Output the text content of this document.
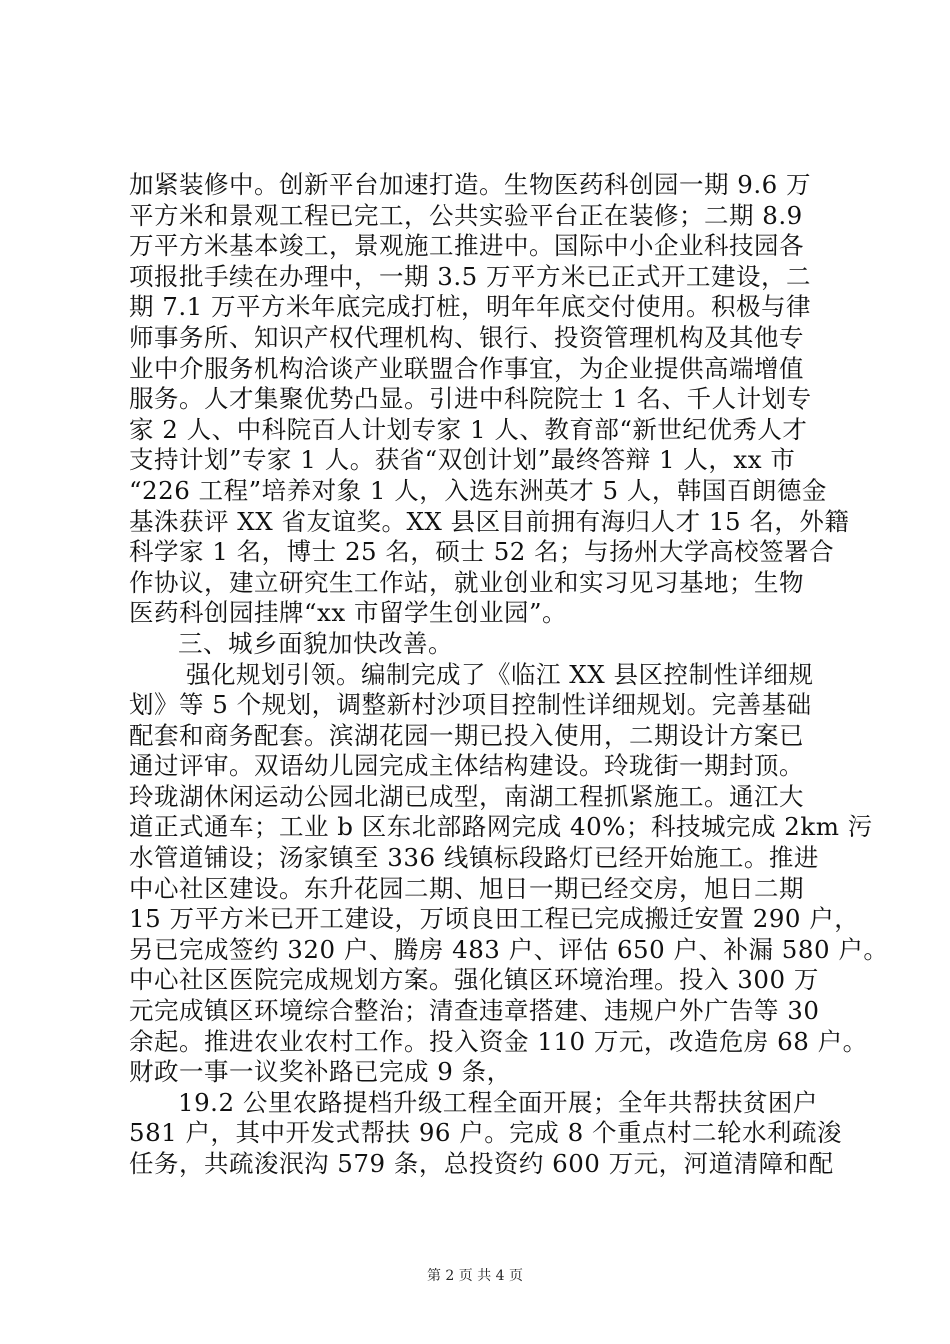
加紧装修中。创新平台加速打造。生物医药科创园一期 9.6 万
平方米和景观工程已完工，公共实验平台正在装修；二期 8.9
万平方米基本竣工，景观施工推进中。国际中小企业科技园各
项报批手续在办理中，一期 3.5 万平方米已正式开工建设，二
期 7.1 万平方米年底完成打桩，明年年底交付使用。积极与律
师事务所、知识产权代理机构、银行、投资管理机构及其他专
业中介服务机构洽谈产业联盟合作事宜，为企业提供高端增值
服务。人才集聚优势凸显。引进中科院院士 1 名、千人计划专
家 2 人、中科院百人计划专家 1 人、教育部“新世纪优秀人才
支持计划”专家 1 人。获省“双创计划”最终答辩 1 人，xx 市
“226 工程”培养对象 1 人，入选东洲英才 5 人，韩国百朗德金
基洙获评 XX 省友谊奖。XX 县区目前拥有海归人才 15 名，外籍
科学家 1 名，博士 25 名，硕士 52 名；与扬州大学高校签署合
作协议，建立研究生工作站，就业创业和实习见习基地；生物
医药科创园挂牌“xx 市留学生创业园”。
三、城乡面貌加快改善。
强化规划引领。编制完成了《临江 XX 县区控制性详细规
划》等 5 个规划，调整新村沙项目控制性详细规划。完善基础
配套和商务配套。滨湖花园一期已投入使用，二期设计方案已
通过评审。双语幼儿园完成主体结构建设。玲珑街一期封顶。
玲珑湖休闲运动公园北湖已成型，南湖工程抓紧施工。通江大
道正式通车；工业 b 区东北部路网完成 40%；科技城完成 2km 污
水管道铺设；汤家镇至 336 线镇标段路灯已经开始施工。推进
中心社区建设。东升花园二期、旭日一期已经交房，旭日二期
15 万平方米已开工建设，万顷良田工程已完成搬迁安置 290 户，
另已完成签约 320 户、腾房 483 户、评估 650 户、补漏 580 户。
中心社区医院完成规划方案。强化镇区环境治理。投入 300 万
元完成镇区环境综合整治；清查违章搭建、违规户外广告等 30
余起。推进农业农村工作。投入资金 110 万元，改造危房 68 户。
财政一事一议奖补路已完成 9 条，
19.2 公里农路提档升级工程全面开展；全年共帮扶贫困户
581 户，其中开发式帮扶 96 户。完成 8 个重点村二轮水利疏浚
任务，共疏浚泯沟 579 条，总投资约 600 万元，河道清障和配
第 2 页 共 4 页
